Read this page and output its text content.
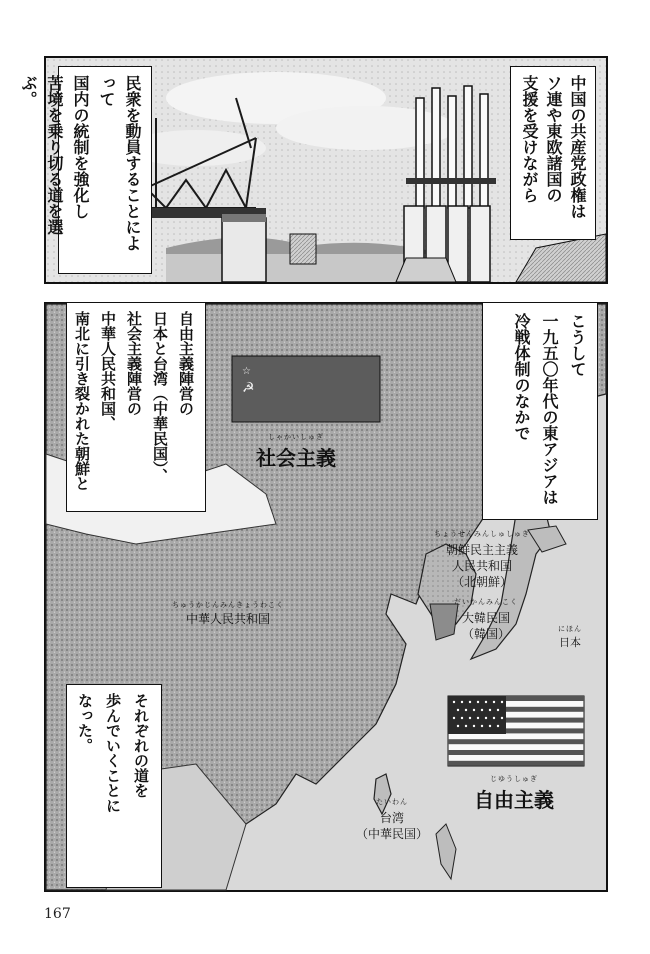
中国の共産党政権は
ソ連や東欧諸国の
支援を受けながら
民衆を動員することによって
国内の統制を強化し
苦境を乗り切る道を選ぶ。
☆
☭
しゃかいしゅぎ
社会主義
ちゅうかじんみんきょうわこく
中華人民共和国
ちょうせんみんしゅしゅぎ
朝鮮民主主義
人民共和国
（北朝鮮）
だいかんみんこく
大韓民国
（韓国）	にほん
日本
じゆうしゅぎ
自由主義
たいわん
台湾
（中華民国）
こうして
一九五〇年代の東アジアは
冷戦体制のなかで
自由主義陣営の
日本と台湾（中華民国）、
社会主義陣営の
中華人民共和国、
南北に引き裂かれた朝鮮と
それぞれの道を
歩んでいくことに
なった。
167
